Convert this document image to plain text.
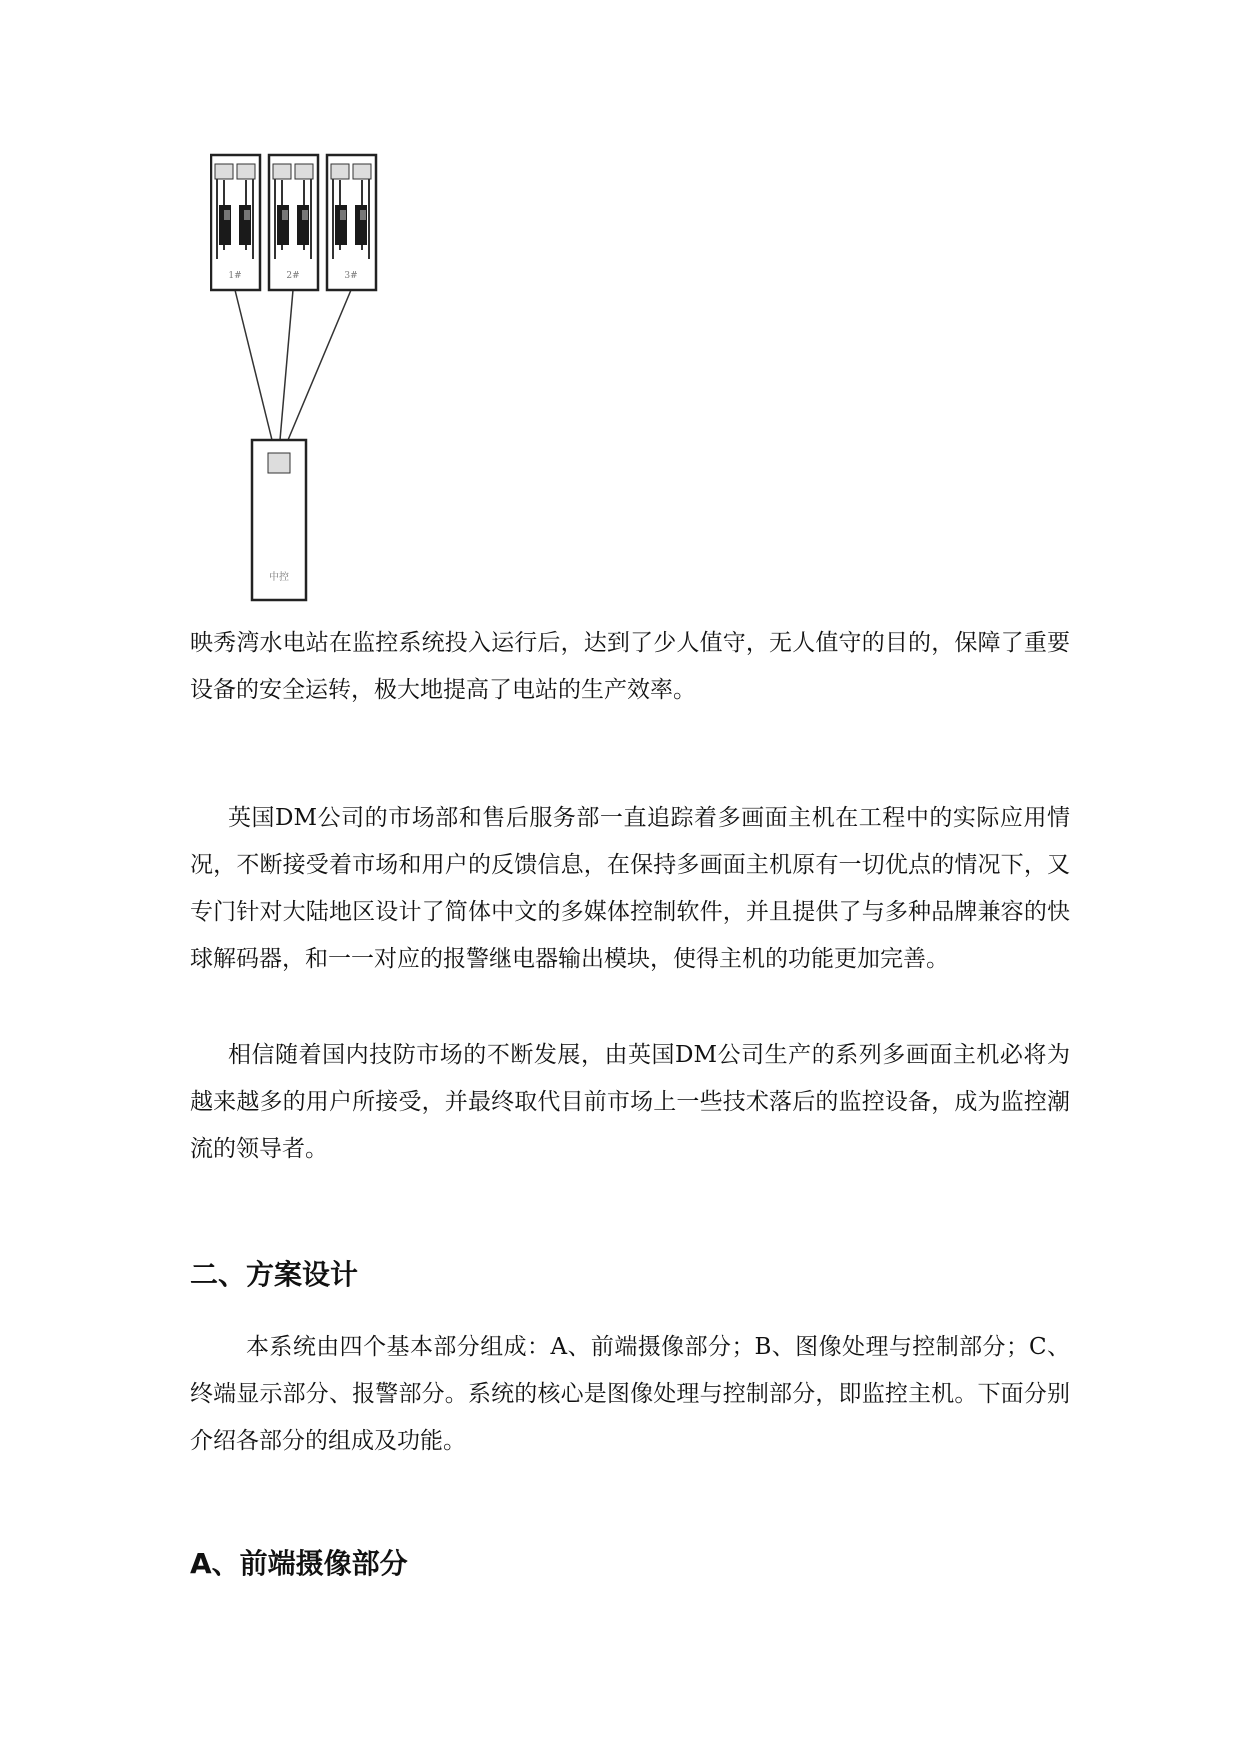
1#	2#	3#
中控

映秀湾水电站在监控系统投入运行后，达到了少人值守，无人值守的目的，保障了重要设备的安全运转，极大地提高了电站的生产效率。

英国DM公司的市场部和售后服务部一直追踪着多画面主机在工程中的实际应用情况，不断接受着市场和用户的反馈信息，在保持多画面主机原有一切优点的情况下，又专门针对大陆地区设计了简体中文的多媒体控制软件，并且提供了与多种品牌兼容的快球解码器，和一一对应的报警继电器输出模块，使得主机的功能更加完善。

相信随着国内技防市场的不断发展，由英国DM公司生产的系列多画面主机必将为越来越多的用户所接受，并最终取代目前市场上一些技术落后的监控设备，成为监控潮流的领导者。

二、方案设计

本系统由四个基本部分组成：A、前端摄像部分；B、图像处理与控制部分；C、终端显示部分、报警部分。系统的核心是图像处理与控制部分，即监控主机。下面分别介绍各部分的组成及功能。

A、前端摄像部分
